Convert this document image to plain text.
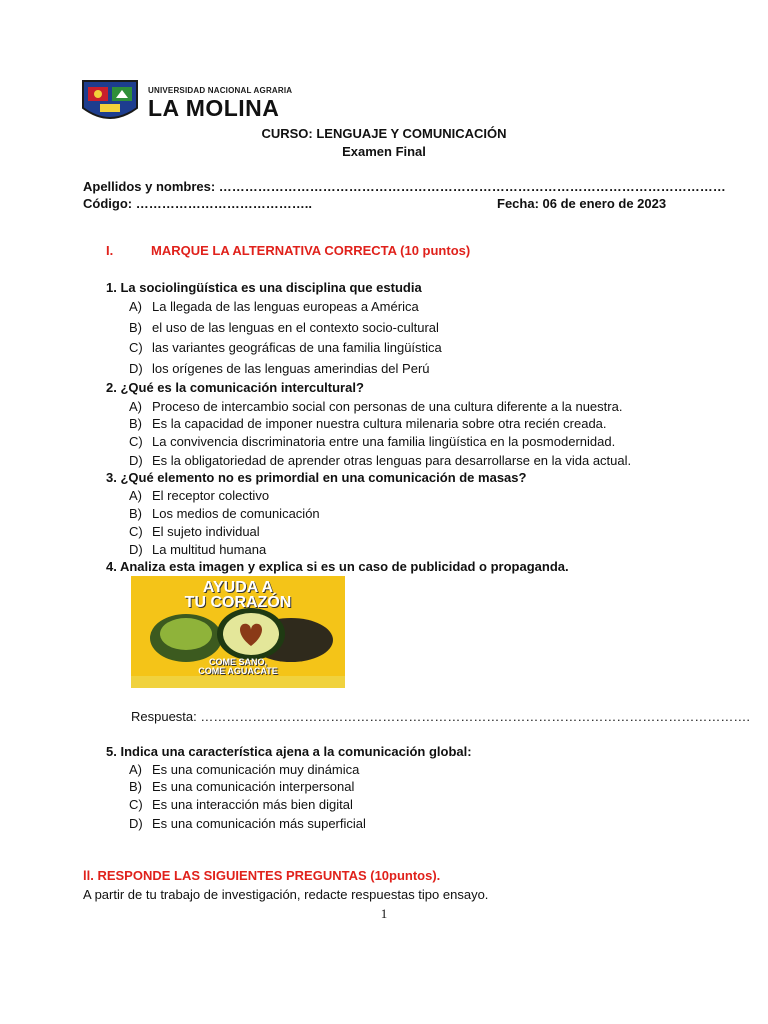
UNIVERSIDAD NACIONAL AGRARIA
LA MOLINA
CURSO: LENGUAJE Y COMUNICACIÓN
Examen Final
Apellidos y nombres: ………………………………………………………………………………………………………
Código: …………………………………..	Fecha: 06 de enero de 2023
I.	MARQUE LA ALTERNATIVA CORRECTA (10 puntos)
1. La sociolingüística es una disciplina que estudia
A) La llegada de las lenguas europeas a América
B) el uso de las lenguas en el contexto socio-cultural
C) las variantes geográficas de una familia lingüística
D) los orígenes de las lenguas amerindias del Perú
2. ¿Qué es la comunicación intercultural?
A) Proceso de intercambio social con personas de una cultura diferente a la nuestra.
B) Es la capacidad de imponer nuestra cultura milenaria sobre otra recién creada.
C) La convivencia discriminatoria entre una familia lingüística en la posmodernidad.
D) Es la obligatoriedad de aprender otras lenguas para desarrollarse en la vida actual.
3. ¿Qué elemento no es primordial en una comunicación de masas?
A) El receptor colectivo
B) Los medios de comunicación
C) El sujeto individual
D) La multitud humana
4. Analiza esta imagen y explica si es un caso de publicidad o propaganda.
AYUDA A
TU CORAZÓN
COME SANO,
COME AGUACATE
Respuesta: ……………………………………………………………………………………………………………….
5. Indica una característica ajena a la comunicación global:
A) Es una comunicación muy dinámica
B) Es una comunicación interpersonal
C) Es una interacción más bien digital
D) Es una comunicación más superficial
ll. RESPONDE LAS SIGUIENTES PREGUNTAS (10puntos).
A partir de tu trabajo de investigación, redacte respuestas tipo ensayo.
1
